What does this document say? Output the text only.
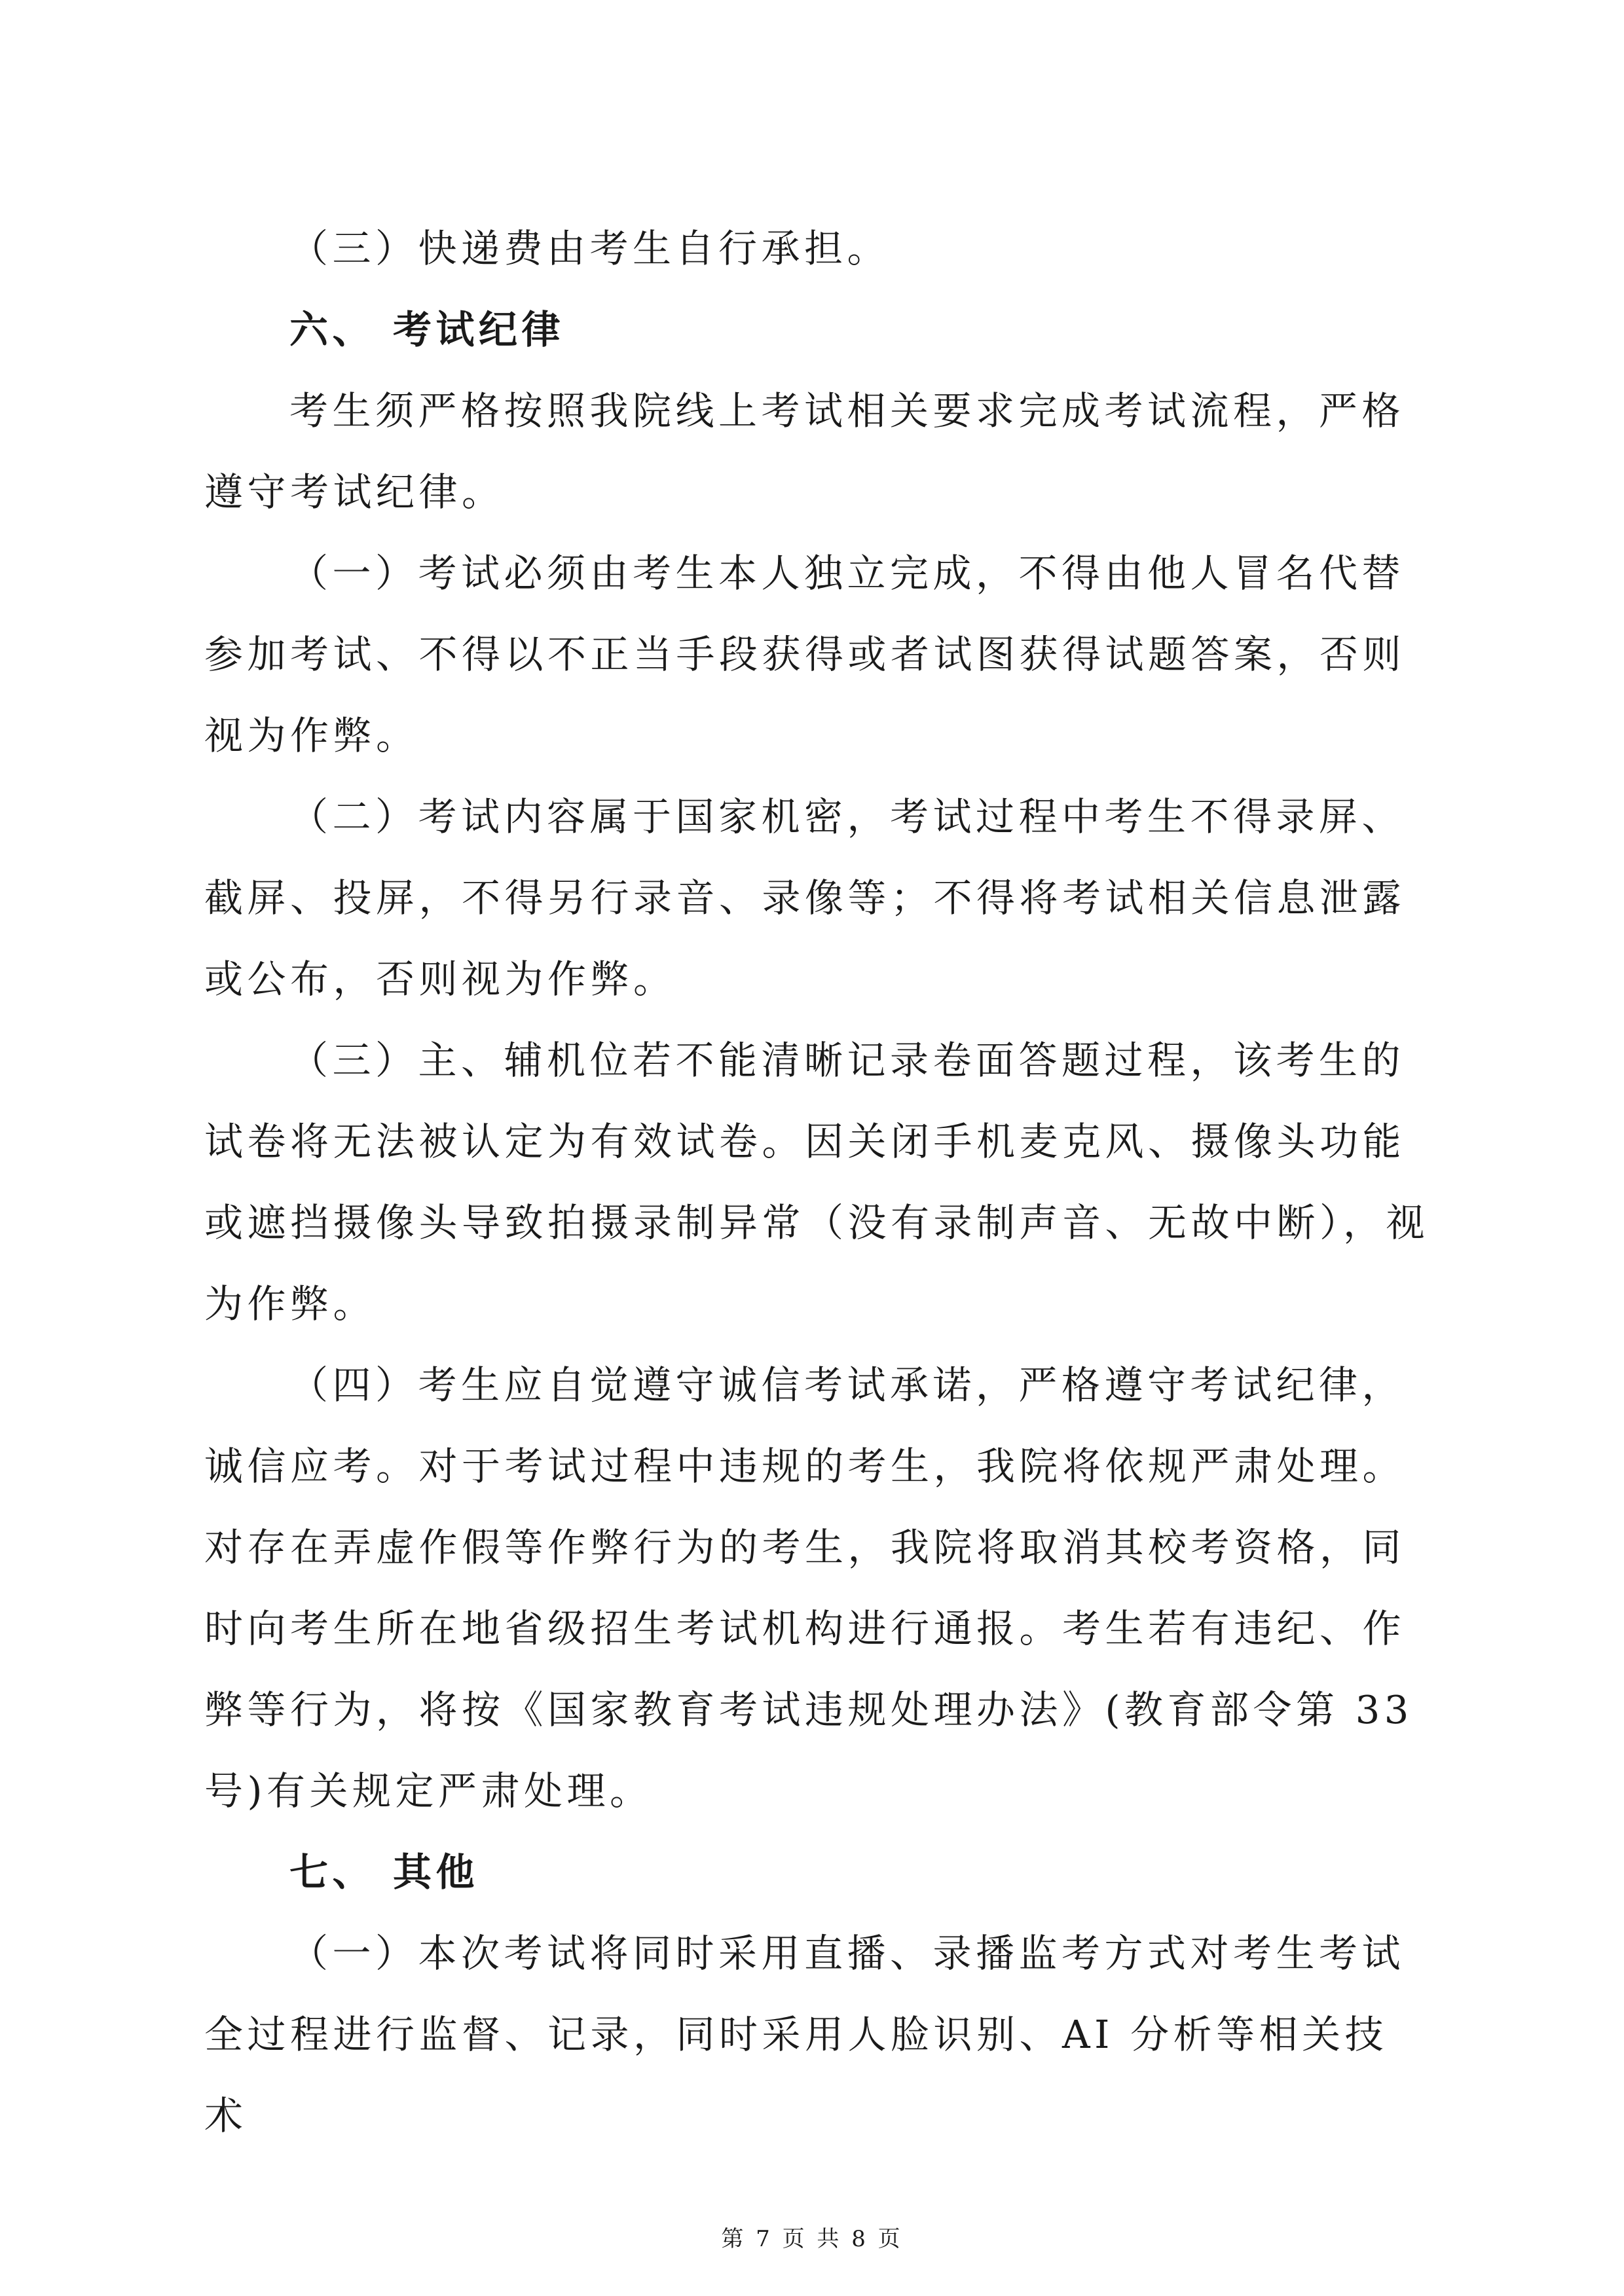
（三）快递费由考生自行承担。

六、 考试纪律

考生须严格按照我院线上考试相关要求完成考试流程，严格遵守考试纪律。

（一）考试必须由考生本人独立完成，不得由他人冒名代替参加考试、不得以不正当手段获得或者试图获得试题答案，否则视为作弊。

（二）考试内容属于国家机密，考试过程中考生不得录屏、截屏、投屏，不得另行录音、录像等；不得将考试相关信息泄露或公布，否则视为作弊。

（三）主、辅机位若不能清晰记录卷面答题过程，该考生的试卷将无法被认定为有效试卷。因关闭手机麦克风、摄像头功能或遮挡摄像头导致拍摄录制异常（没有录制声音、无故中断），视为作弊。

（四）考生应自觉遵守诚信考试承诺，严格遵守考试纪律，诚信应考。对于考试过程中违规的考生，我院将依规严肃处理。对存在弄虚作假等作弊行为的考生，我院将取消其校考资格，同时向考生所在地省级招生考试机构进行通报。考生若有违纪、作弊等行为，将按《国家教育考试违规处理办法》(教育部令第 33 号)有关规定严肃处理。

七、 其他

（一）本次考试将同时采用直播、录播监考方式对考生考试全过程进行监督、记录，同时采用人脸识别、AI 分析等相关技术

第 7 页 共 8 页
